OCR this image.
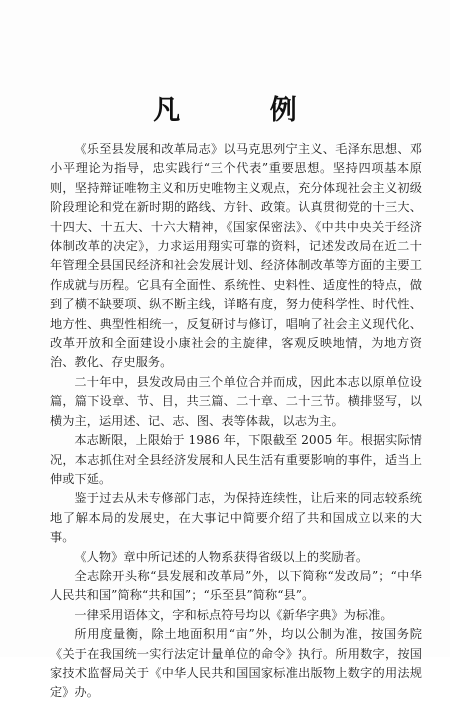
凡 例

《乐至县发展和改革局志》以马克思列宁主义、毛泽东思想、邓小平理论为指导，忠实践行“三个代表”重要思想。坚持四项基本原则，坚持辩证唯物主义和历史唯物主义观点，充分体现社会主义初级阶段理论和党在新时期的路线、方针、政策。认真贯彻党的十三大、十四大、十五大、十六大精神，《国家保密法》、《中共中央关于经济体制改革的决定》，力求运用翔实可靠的资料，记述发改局在近二十年管理全县国民经济和社会发展计划、经济体制改革等方面的主要工作成就与历程。它具有全面性、系统性、史料性、适度性的特点，做到了横不缺要项、纵不断主线，详略有度，努力使科学性、时代性、地方性、典型性相统一，反复研讨与修订，唱响了社会主义现代化、改革开放和全面建设小康社会的主旋律，客观反映地情，为地方资治、教化、存史服务。

二十年中，县发改局由三个单位合并而成，因此本志以原单位设篇，篇下设章、节、目，共三篇、二十章、二十三节。横排竖写，以横为主，运用述、记、志、图、表等体裁，以志为主。

本志断限，上限始于 1986 年，下限截至 2005 年。根据实际情况，本志抓住对全县经济发展和人民生活有重要影响的事件，适当上伸或下延。

鉴于过去从未专修部门志，为保持连续性，让后来的同志较系统地了解本局的发展史，在大事记中简要介绍了共和国成立以来的大事。

《人物》章中所记述的人物系获得省级以上的奖励者。

全志除开头称“县发展和改革局”外，以下简称“发改局”；“中华人民共和国”简称“共和国”；“乐至县”简称“县”。

一律采用语体文，字和标点符号均以《新华字典》为标准。

所用度量衡，除土地面积用“亩”外，均以公制为准，按国务院《关于在我国统一实行法定计量单位的命令》执行。所用数字，按国家技术监督局关于《中华人民共和国国家标准出版物上数字的用法规定》办。
